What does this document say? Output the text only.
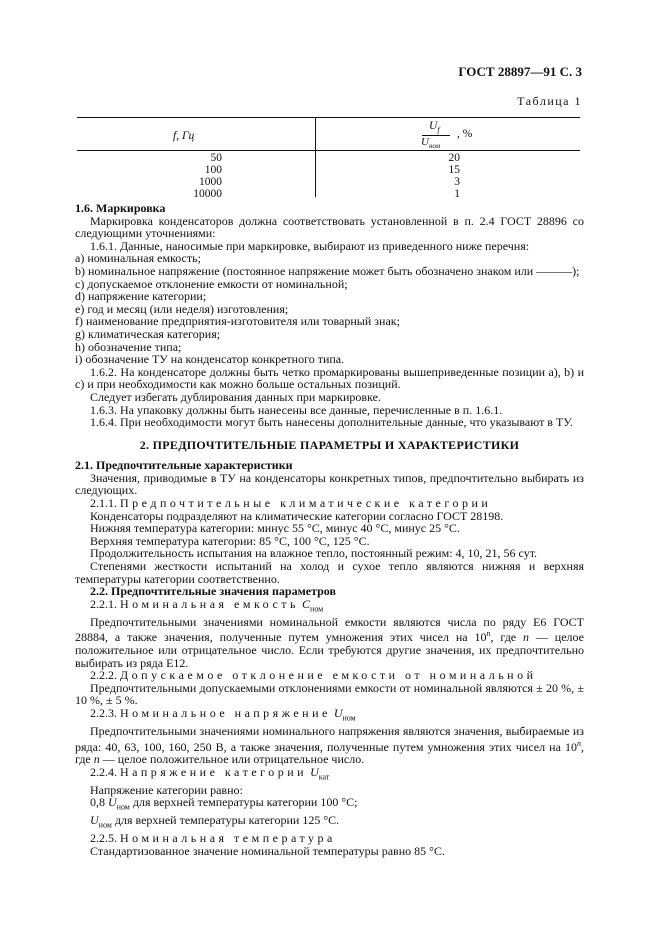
ГОСТ 28897—91 С. 3
Таблица 1
f, Гц
$U_f$
$U_{ном}$
, %
50
100
1000
10000
20
15
3
1

1.6. Маркировка

Маркировка конденсаторов должна соответствовать установленной в п. 2.4 ГОСТ 28896 со следующими уточнениями:

1.6.1. Данные, наносимые при маркировке, выбирают из приведенного ниже перечня:

a) номинальная емкость;

b) номинальное напряжение (постоянное напряжение может быть обозначено знаком или ———);

c) допускаемое отклонение емкости от номинальной;

d) напряжение категории;

e) год и месяц (или неделя) изготовления;

f) наименование предприятия-изготовителя или товарный знак;

g) климатическая категория;

h) обозначение типа;

i) обозначение ТУ на конденсатор конкретного типа.

1.6.2. На конденсаторе должны быть четко промаркированы вышеприведенные позиции a), b) и c) и при необходимости как можно больше остальных позиций.

Следует избегать дублирования данных при маркировке.

1.6.3. На упаковку должны быть нанесены все данные, перечисленные в п. 1.6.1.

1.6.4. При необходимости могут быть нанесены дополнительные данные, что указывают в ТУ.

2. ПРЕДПОЧТИТЕЛЬНЫЕ ПАРАМЕТРЫ И ХАРАКТЕРИСТИКИ

2.1. Предпочтительные характеристики

Значения, приводимые в ТУ на конденсаторы конкретных типов, предпочтительно выбирать из следующих.

2.1.1. Предпочтительные климатические категории

Конденсаторы подразделяют на климатические категории согласно ГОСТ 28198.

Нижняя температура категории: минус 55 °С, минус 40 °С, минус 25 °С.

Верхняя температура категории: 85 °С, 100 °С, 125 °С.

Продолжительность испытания на влажное тепло, постоянный режим: 4, 10, 21, 56 сут.

Степенями жесткости испытаний на холод и сухое тепло являются нижняя и верхняя температуры категории соответственно.

2.2. Предпочтительные значения параметров

2.2.1. Номинальная емкость $C_{ном}$

Предпочтительными значениями номинальной емкости являются числа по ряду Е6 ГОСТ 28884, а также значения, полученные путем умножения этих чисел на 10$^n$, где n — целое положительное или отрицательное число. Если требуются другие значения, их предпочтительно выбирать из ряда Е12.

2.2.2. Допускаемое отклонение емкости от номинальной

Предпочтительными допускаемыми отклонениями емкости от номинальной являются ± 20 %, ± 10 %, ± 5 %.

2.2.3. Номинальное напряжение $U_{ном}$

Предпочтительными значениями номинального напряжения являются значения, выбираемые из ряда: 40, 63, 100, 160, 250 В, а также значения, полученные путем умножения этих чисел на 10$^n$, где n — целое положительное или отрицательное число.

2.2.4. Напряжение категории $U_{кат}$

Напряжение категории равно:

0,8 $U_{ном}$ для верхней температуры категории 100 °С;

$U_{ном}$ для верхней температуры категории 125 °С.

2.2.5. Номинальная температура

Стандартизованное значение номинальной температуры равно 85 °С.
